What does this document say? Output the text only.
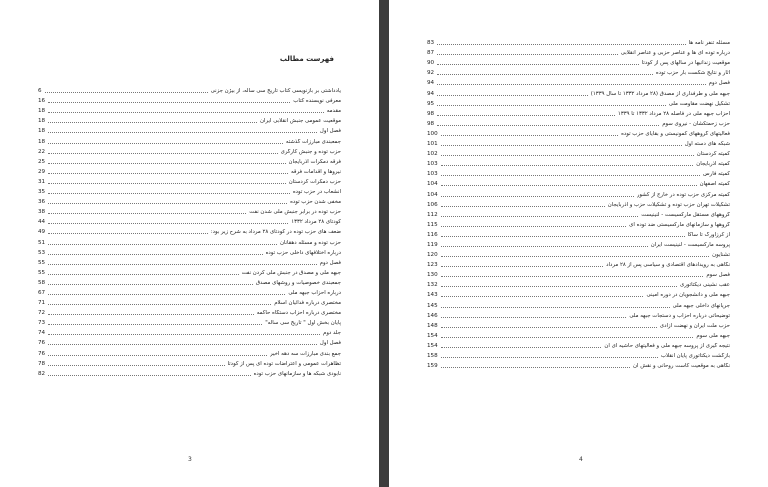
فهرست مطالب
6	یادداشتی بر بازنویسی کتاب تاریخ سی ساله، از بیژن جزنی
16	معرفی نویسنده کتاب
18	مقدمه
18	موقعیت عمومی جنبش انقلابی ایران
18	فصل اول
18	جمعبندی مبارزات گذشته
22	حزب توده و جنبش کارگری
25	فرقه دمکرات آذربایجان
29	نیروها و اقدامات فرقه
31	حزب دمکرات کردستان
35	انشعاب در حزب توده
36	مخفی شدن حزب توده
38	حزب توده در برابر جنبش ملی شدن نفت
44	کودتای ۲۸ مرداد ۱۳۳۲
49	ضعف های حزب توده در کودتای ۲۸ مرداد به شرح زیر بود:
51	حزب توده و مسئله دهقانان
53	درباره اختلافهای داخلی حزب توده
55	فصل دوم
55	جبهه ملی و مصدق در جنبش ملی کردن نفت
58	جمعبندی خصوصیات و روشهای مصدق
67	درباره احزاب جبهه ملی
71	مختصری درباره فدائیان اسلام
72	مختصری درباره احزاب دستگاه حاکمه
73	پایان بخش اول " تاریخ سی ساله"
74	جلد دوم
76	فصل اول
76	جمع بندی مبارزات سه دهه اخیر
78	تظاهرات عمومی و اعتراضات توده ای پس از کودتا
82	نابودی شبکه ها و سازمانهای حزب توده
3
83	مسئله تنفر نامه ها
87	درباره توده ای ها و عناصر حزبی و عناصر انقلابی
90	موقعیت زندانیها در سالهای پس از کودتا
92	آثار و نتایج شکست بار حزب توده
94	فصل دوم
94	جبهه ملی و طرفداری از مصدق (۲۸ مرداد ۱۳۳۲ تا سال ۱۳۳۹)
95	تشکیل نهضت مقاومت ملی
98	احزاب جبهه ملی در فاصله ۲۸ مرداد ۱۳۳۲ تا ۱۳۳۹
98	حزب زحمتکشان - نیروی سوم
100	فعالیتهای گروههای کمونیستی و بقایای حزب توده
101	شبکه های دسته اول
102	کمیته کردستان
103	کمیته آذربایجان
103	کمیته فارس
104	کمیته اصفهان
104	کمیته مرکزی حزب توده در خارج از کشور
106	تشکیلات تهران حزب توده و تشکیلات حزب و آذربایجان
112	گروههای مستقل مارکسیست - لنینیست
115	گروهها و سازمانهای مارکسیستی ضد توده ای
116	از کرزاورک تا ساکا
119	پروسه مارکسیست - لنینیست ایران
120	تشنایون
123	نگاهی به رویدادهای اقتصادی و سیاسی پس از ۲۸ مرداد
130	فصل سوم
132	عقب نشینی دیکتاتوری
143	جبهه ملی و دانشجویان در دوره امینی
145	جریانهای داخلی جبهه ملی
146	توضیحاتی درباره احزاب و دستجات جبهه ملی
148	حزب ملت ایران و نهضت آزادی
154	جبهه ملی سوم
154	نتیجه گیری از پروسه جبهه ملی و فعالیتهای حاشیه ای آن
158	بازگشت دیکتاتوری پایان انقلاب
159	نگاهی به موقعیت کاست روحانی و نقش آن
4
